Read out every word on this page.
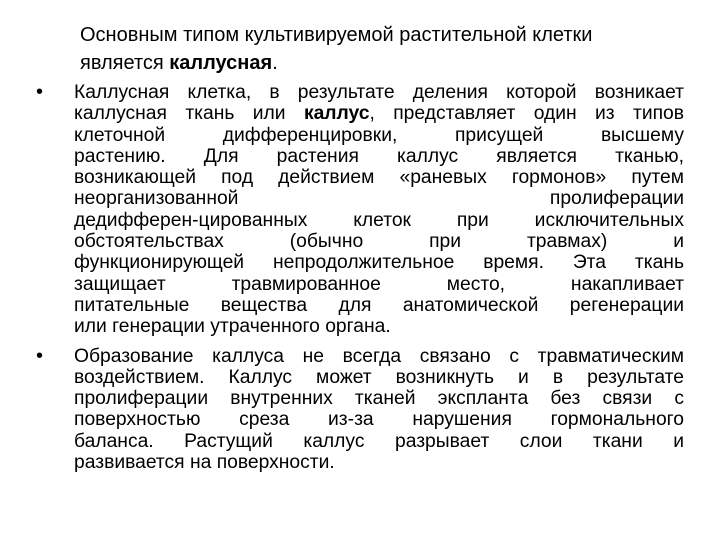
Основным типом культивируемой растительной клетки
является каллусная.
• Каллусная клетка, в результате деления которой возникает
каллусная ткань или каллус, представляет один из типов
клеточной дифференцировки, присущей высшему
растению. Для растения каллус является тканью,
возникающей под действием «раневых гормонов» путем
неорганизованной пролиферации
дедифферен-цированных клеток при исключительных
обстоятельствах (обычно при травмах) и
функционирующей непродолжительное время. Эта ткань
защищает травмированное место, накапливает
питательные вещества для анатомической регенерации
или генерации утраченного органа.
• Образование каллуса не всегда связано с травматическим
воздействием. Каллус может возникнуть и в результате
пролиферации внутренних тканей экспланта без связи с
поверхностью среза из-за нарушения гормонального
баланса. Растущий каллус разрывает слои ткани и
развивается на поверхности.
